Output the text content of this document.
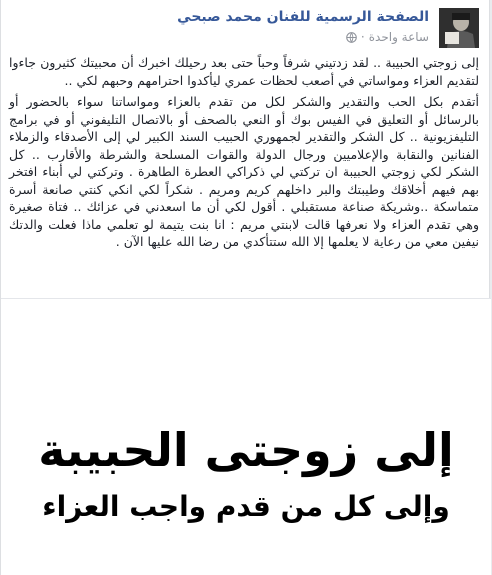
الصفحة الرسمية للفنان محمد صبحي
ساعة واحدة
·

إلى زوجتي الحبيبة .. لقد زدتيني شرفاً وحباً حتى بعد رحيلك اخبرك أن محبيتك كثيرون جاءوا لتقديم العزاء ومواساتي في أصعب لحظات عمري ليأكدوا احترامهم وحبهم لكي ..

أتقدم بكل الحب والتقدير والشكر لكل من تقدم بالعزاء ومواساتنا سواء بالحضور أو بالرسائل أو التعليق في الفيس بوك أو النعي بالصحف أو بالاتصال التليفوني أو في برامج التليفزيونية .. كل الشكر والتقدير لجمهوري الحبيب السند الكبير لي إلى الأصدقاء والزملاء الفنانين والنقابة والإعلاميين ورجال الدولة والقوات المسلحة والشرطة والأقارب .. كل الشكر لكي زوجتي الحبيبة ان تركتي لي ذكراكي العطرة الطاهرة . وتركتي لي أبناء افتخر بهم فيهم أخلاقك وطيبتك والبر داخلهم كريم ومريم . شكراً لكي انكي كنتي صانعة أسرة متماسكة ..وشريكة صناعة مستقبلي . أقول لكي أن ما اسعدني في عزائك .. فتاة صغيرة وهي تقدم العزاء ولا نعرفها قالت لابنتي مريم : انا بنت يتيمة لو تعلمي ماذا فعلت والدتك نيفين معي من رعاية لا يعلمها إلا الله ستتأكدي من رضا الله عليها الآن .

إلى زوجتى الحبيبة
وإلى كل من قدم واجب العزاء
